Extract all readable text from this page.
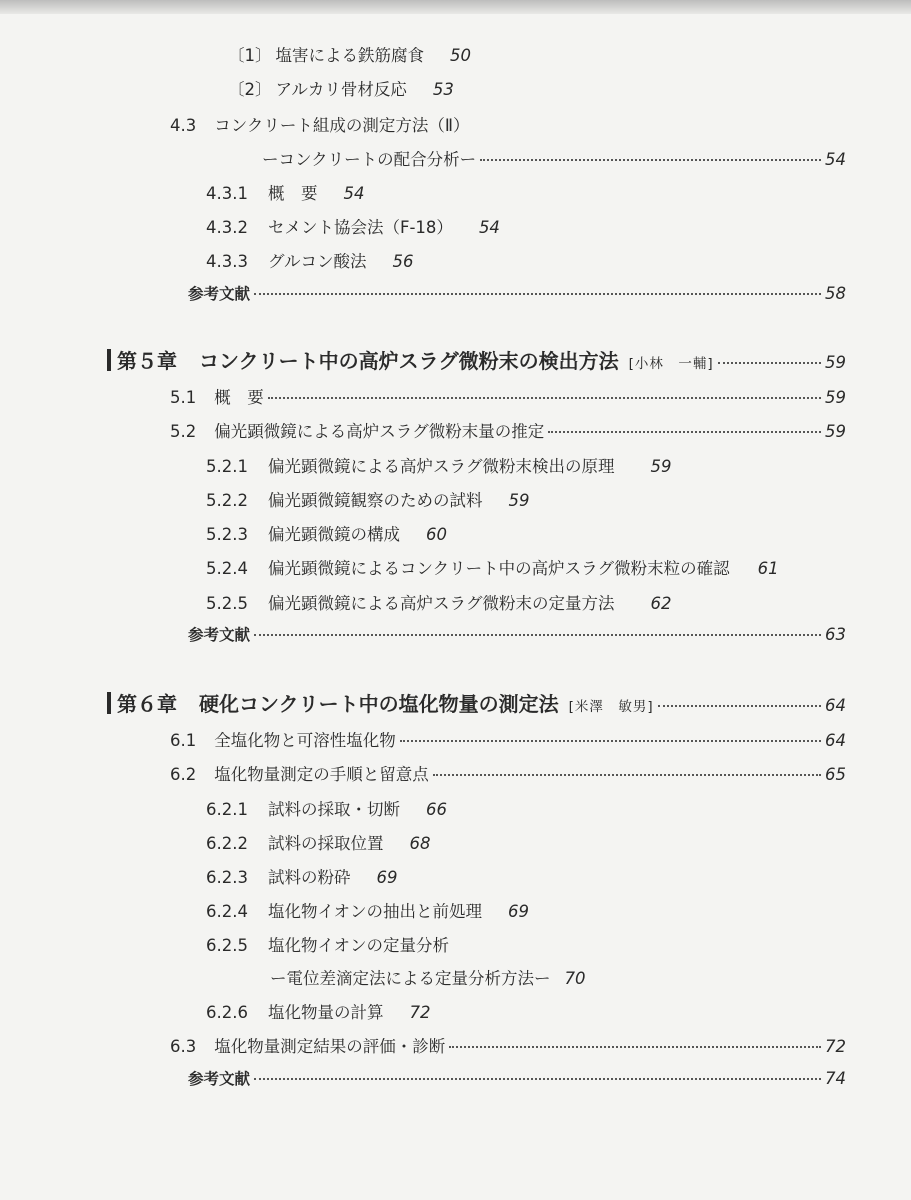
〔1〕 塩害による鉄筋腐食 50
〔2〕 アルカリ骨材反応 53
4.3 コンクリート組成の測定方法（Ⅱ）
ーコンクリートの配合分析ー	54
4.3.1 概　要 54
4.3.2 セメント協会法（F-18） 54
4.3.3 グルコン酸法 56
参考文献	58
第５章 コンクリート中の高炉スラグ微粉末の検出方法 [小林　一輔]	59
5.1 概　要	59
5.2 偏光顕微鏡による高炉スラグ微粉末量の推定	59
5.2.1 偏光顕微鏡による高炉スラグ微粉末検出の原理 59
5.2.2 偏光顕微鏡観察のための試料 59
5.2.3 偏光顕微鏡の構成 60
5.2.4 偏光顕微鏡によるコンクリート中の高炉スラグ微粉末粒の確認 61
5.2.5 偏光顕微鏡による高炉スラグ微粉末の定量方法 62
参考文献	63
第６章 硬化コンクリート中の塩化物量の測定法 [米澤　敏男]	64
6.1 全塩化物と可溶性塩化物	64
6.2 塩化物量測定の手順と留意点	65
6.2.1 試料の採取・切断 66
6.2.2 試料の採取位置 68
6.2.3 試料の粉砕 69
6.2.4 塩化物イオンの抽出と前処理 69
6.2.5 塩化物イオンの定量分析
ー電位差滴定法による定量分析方法ー 70
6.2.6 塩化物量の計算 72
6.3 塩化物量測定結果の評価・診断	72
参考文献	74
